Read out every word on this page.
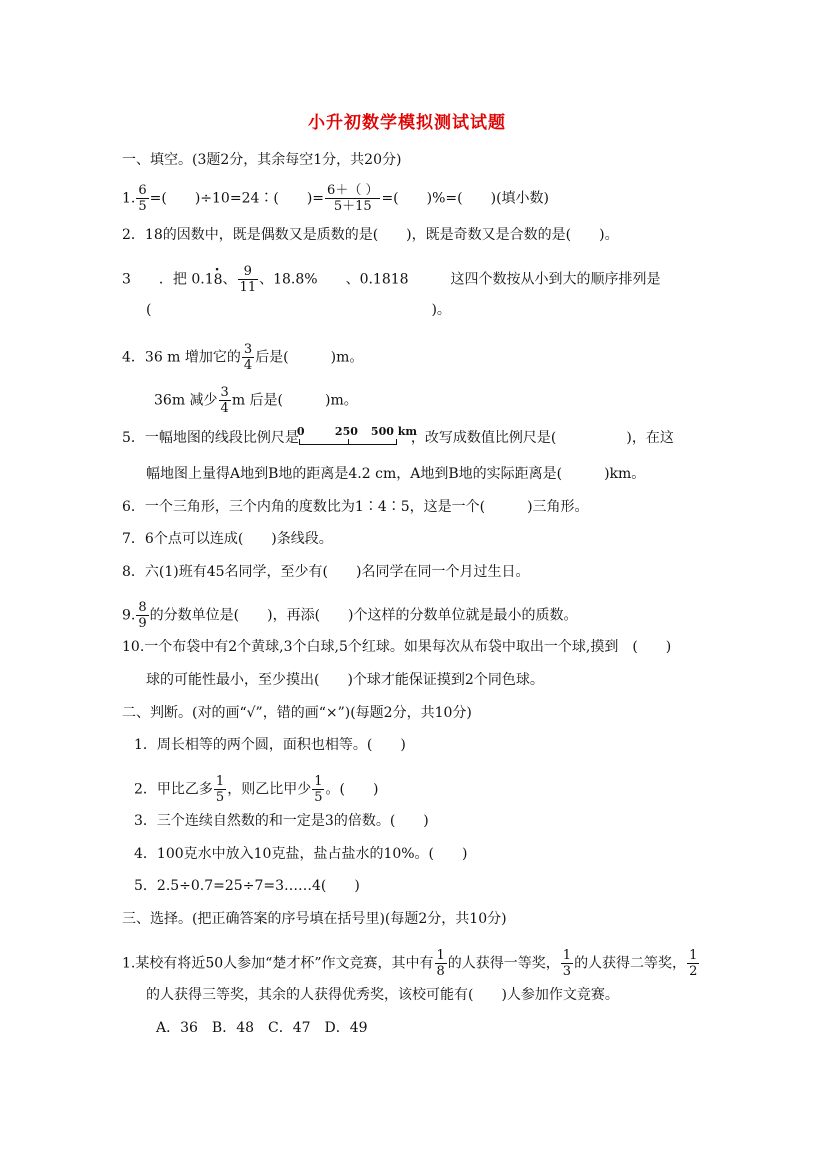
小升初数学模拟测试试题
一、填空。(3题2分，其余每空1分，共20分)
1. $\frac{6}{5}$ =(　　)÷10=24∶(　　)= $\frac{6+( )}{5+15}$ =(　　)%=(　　)(填小数)
2．18的因数中，既是偶数又是质数的是(　　)，既是奇数又是合数的是(　　)。
3　　．把 0.1· 8、 $\frac{9}{11}$ 、18.8%　　、0.1818　　　这四个数按从小到大的顺序排列是
(　　　　　　　　　　　　　　　　　　　　)。
4．36 m 增加它的 $\frac{3}{4}$ 后是(　　　)m。
36m 减少 $\frac{3}{4}$ m 后是(　　　)m。
5．一幅地图的线段比例尺是
0	250 500 km
，改写成数值比例尺是(　　　　　)，在这
幅地图上量得A地到B地的距离是4.2 cm，A地到B地的实际距离是(　　　)km。
6．一个三角形，三个内角的度数比为1∶4∶5，这是一个(　　　)三角形。
7．6个点可以连成(　　)条线段。
8．六(1)班有45名同学，至少有(　　)名同学在同一个月过生日。
9. $\frac{8}{9}$ 的分数单位是(　　)，再添(　　)个这样的分数单位就是最小的质数。
10.一个布袋中有2个黄球,3个白球,5个红球。如果每次从布袋中取出一个球,摸到　(　　)
球的可能性最小，至少摸出(　　)个球才能保证摸到2个同色球。
二、判断。(对的画“√”，错的画“×”)(每题2分，共10分)
1．周长相等的两个圆，面积也相等。(　　)
2．甲比乙多 $\frac{1}{5}$ ，则乙比甲少 $\frac{1}{5}$ 。(　　)
3．三个连续自然数的和一定是3的倍数。(　　)
4．100克水中放入10克盐，盐占盐水的10%。(　　)
5．2.5÷0.7=25÷7=3……4(　　)
三、选择。(把正确答案的序号填在括号里)(每题2分，共10分)
1.某校有将近50人参加“楚才杯”作文竞赛，其中有 $\frac{1}{8}$ 的人获得一等奖， $\frac{1}{3}$ 的人获得二等奖， $\frac{1}{2}$
的人获得三等奖，其余的人获得优秀奖，该校可能有(　　)人参加作文竞赛。
A．36　B．48　C．47　D．49
